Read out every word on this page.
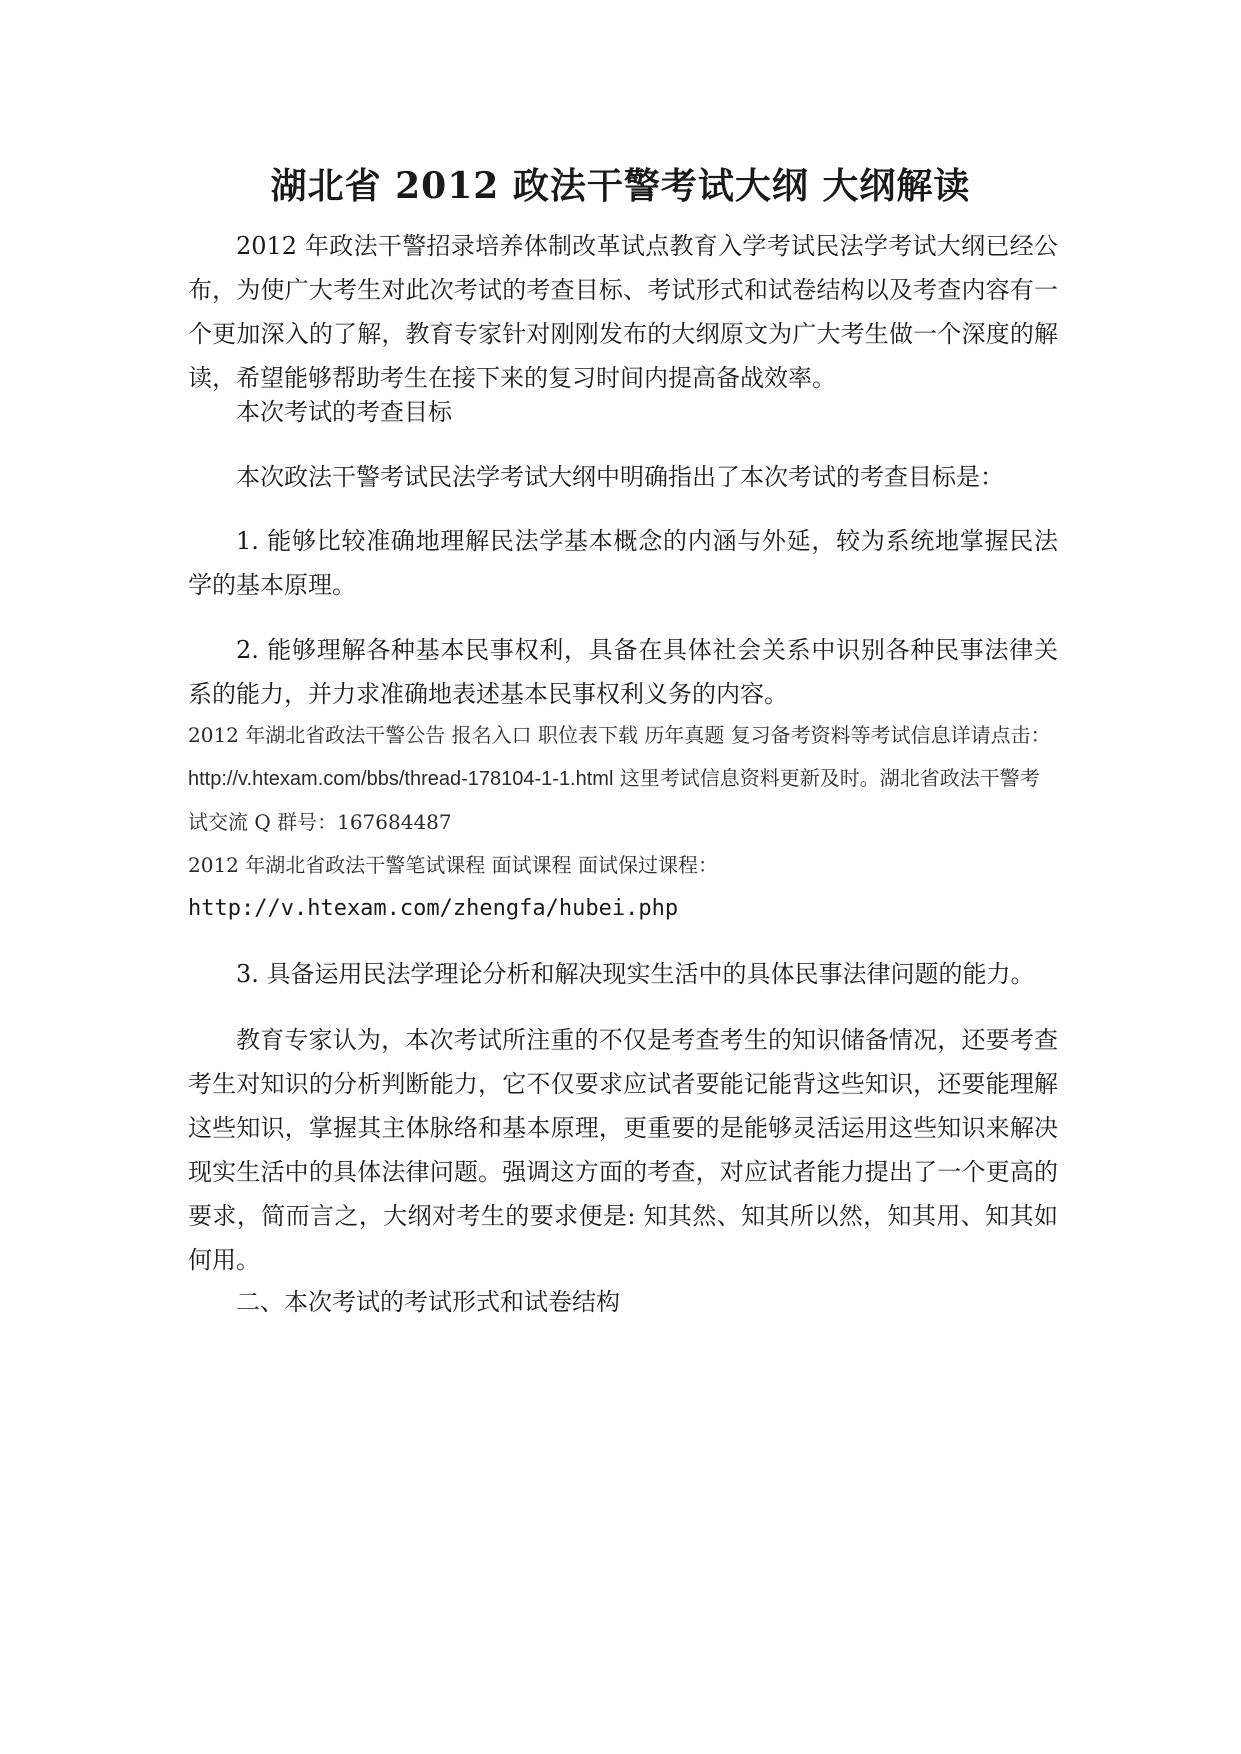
湖北省 2012 政法干警考试大纲 大纲解读
2012 年政法干警招录培养体制改革试点教育入学考试民法学考试大纲已经公布，为使广大考生对此次考试的考查目标、考试形式和试卷结构以及考查内容有一个更加深入的了解，教育专家针对刚刚发布的大纲原文为广大考生做一个深度的解读，希望能够帮助考生在接下来的复习时间内提高备战效率。
本次考试的考查目标
本次政法干警考试民法学考试大纲中明确指出了本次考试的考查目标是：
1. 能够比较准确地理解民法学基本概念的内涵与外延，较为系统地掌握民法学的基本原理。
2. 能够理解各种基本民事权利，具备在具体社会关系中识别各种民事法律关系的能力，并力求准确地表述基本民事权利义务的内容。
2012 年湖北省政法干警公告 报名入口 职位表下载 历年真题 复习备考资料等考试信息详请点击：
http://v.htexam.com/bbs/thread-178104-1-1.html 这里考试信息资料更新及时。湖北省政法干警考试交流 Q 群号：167684487
2012 年湖北省政法干警笔试课程 面试课程 面试保过课程：
http://v.htexam.com/zhengfa/hubei.php
3. 具备运用民法学理论分析和解决现实生活中的具体民事法律问题的能力。
教育专家认为，本次考试所注重的不仅是考查考生的知识储备情况，还要考查考生对知识的分析判断能力，它不仅要求应试者要能记能背这些知识，还要能理解这些知识，掌握其主体脉络和基本原理，更重要的是能够灵活运用这些知识来解决现实生活中的具体法律问题。强调这方面的考查，对应试者能力提出了一个更高的要求，简而言之，大纲对考生的要求便是: 知其然、知其所以然，知其用、知其如何用。
二、本次考试的考试形式和试卷结构
